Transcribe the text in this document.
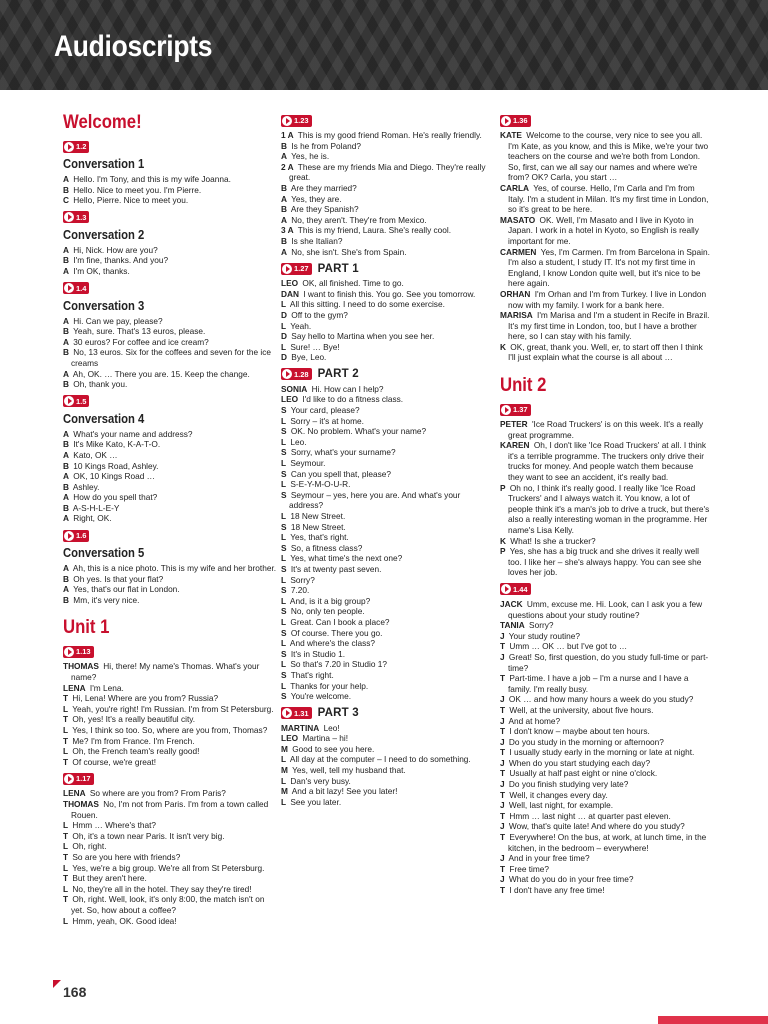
Audioscripts
Welcome!
1.2
Conversation 1
A Hello. I'm Tony, and this is my wife Joanna.
B Hello. Nice to meet you. I'm Pierre.
C Hello, Pierre. Nice to meet you.
1.3
Conversation 2
A Hi, Nick. How are you?
B I'm fine, thanks. And you?
A I'm OK, thanks.
1.4
Conversation 3
A Hi. Can we pay, please?
B Yeah, sure. That's 13 euros, please.
A 30 euros? For coffee and ice cream?
B No, 13 euros. Six for the coffees and seven for the ice creams
A Ah, OK. … There you are. 15. Keep the change.
B Oh, thank you.
1.5
Conversation 4
A What's your name and address?
B It's Mike Kato, K-A-T-O.
A Kato, OK …
B 10 Kings Road, Ashley.
A OK, 10 Kings Road …
B Ashley.
A How do you spell that?
B A-S-H-L-E-Y
A Right, OK.
1.6
Conversation 5
A Ah, this is a nice photo. This is my wife and her brother.
B Oh yes. Is that your flat?
A Yes, that's our flat in London.
B Mm, it's very nice.
Unit 1
1.13
THOMAS Hi, there! My name's Thomas. What's your name?
LENA I'm Lena.
T Hi, Lena! Where are you from? Russia?
L Yeah, you're right! I'm Russian. I'm from St Petersburg.
T Oh, yes! It's a really beautiful city.
L Yes, I think so too. So, where are you from, Thomas?
T Me? I'm from France. I'm French.
L Oh, the French team's really good!
T Of course, we're great!
1.17
LENA So where are you from? From Paris?
THOMAS No, I'm not from Paris. I'm from a town called Rouen.
L Hmm … Where's that?
T Oh, it's a town near Paris. It isn't very big.
L Oh, right.
T So are you here with friends?
L Yes, we're a big group. We're all from St Petersburg.
T But they aren't here.
L No, they're all in the hotel. They say they're tired!
T Oh, right. Well, look, it's only 8:00, the match isn't on yet. So, how about a coffee?
L Hmm, yeah, OK. Good idea!
1.23
1 A This is my good friend Roman. He's really friendly.
B Is he from Poland?
A Yes, he is.
2 A These are my friends Mia and Diego. They're really great.
B Are they married?
A Yes, they are.
B Are they Spanish?
A No, they aren't. They're from Mexico.
3 A This is my friend, Laura. She's really cool.
B Is she Italian?
A No, she isn't. She's from Spain.
1.27 PART 1
LEO OK, all finished. Time to go.
DAN I want to finish this. You go. See you tomorrow.
L All this sitting. I need to do some exercise.
D Off to the gym?
L Yeah.
D Say hello to Martina when you see her.
L Sure! … Bye!
D Bye, Leo.
1.28 PART 2
SONIA Hi. How can I help?
LEO I'd like to do a fitness class.
S Your card, please?
L Sorry – it's at home.
S OK. No problem. What's your name?
L Leo.
S Sorry, what's your surname?
L Seymour.
S Can you spell that, please?
L S-E-Y-M-O-U-R.
S Seymour – yes, here you are. And what's your address?
L 18 New Street.
S 18 New Street.
L Yes, that's right.
S So, a fitness class?
L Yes, what time's the next one?
S It's at twenty past seven.
L Sorry?
S 7.20.
L And, is it a big group?
S No, only ten people.
L Great. Can I book a place?
S Of course. There you go.
L And where's the class?
S It's in Studio 1.
L So that's 7.20 in Studio 1?
S That's right.
L Thanks for your help.
S You're welcome.
1.31 PART 3
MARTINA Leo!
LEO Martina – hi!
M Good to see you here.
L All day at the computer – I need to do something.
M Yes, well, tell my husband that.
L Dan's very busy.
M And a bit lazy! See you later!
L See you later.
1.36
KATE Welcome to the course, very nice to see you all. I'm Kate, as you know, and this is Mike, we're your two teachers on the course and we're both from London. So, first, can we all say our names and where we're from? OK? Carla, you start …
CARLA Yes, of course. Hello, I'm Carla and I'm from Italy. I'm a student in Milan. It's my first time in London, so it's great to be here.
MASATO OK. Well, I'm Masato and I live in Kyoto in Japan. I work in a hotel in Kyoto, so English is really important for me.
CARMEN Yes, I'm Carmen. I'm from Barcelona in Spain. I'm also a student, I study IT. It's not my first time in England, I know London quite well, but it's nice to be here again.
ORHAN I'm Orhan and I'm from Turkey. I live in London now with my family. I work for a bank here.
MARISA I'm Marisa and I'm a student in Recife in Brazil. It's my first time in London, too, but I have a brother here, so I can stay with his family.
K OK, great, thank you. Well, er, to start off then I think I'll just explain what the course is all about …
Unit 2
1.37
PETER 'Ice Road Truckers' is on this week. It's a really great programme.
KAREN Oh, I don't like 'Ice Road Truckers' at all. I think it's a terrible programme. The truckers only drive their trucks for money. And people watch them because they want to see an accident, it's really bad.
P Oh no, I think it's really good. I really like 'Ice Road Truckers' and I always watch it. You know, a lot of people think it's a man's job to drive a truck, but there's also a really interesting woman in the programme. Her name's Lisa Kelly.
K What! Is she a trucker?
P Yes, she has a big truck and she drives it really well too. I like her – she's always happy. You can see she loves her job.
1.44
JACK Umm, excuse me. Hi. Look, can I ask you a few questions about your study routine?
TANIA Sorry?
J Your study routine?
T Umm … OK … but I've got to …
J Great! So, first question, do you study full-time or part-time?
T Part-time. I have a job – I'm a nurse and I have a family. I'm really busy.
J OK … and how many hours a week do you study?
T Well, at the university, about five hours.
J And at home?
T I don't know – maybe about ten hours.
J Do you study in the morning or afternoon?
T I usually study early in the morning or late at night.
J When do you start studying each day?
T Usually at half past eight or nine o'clock.
J Do you finish studying very late?
T Well, it changes every day.
J Well, last night, for example.
T Hmm … last night … at quarter past eleven.
J Wow, that's quite late! And where do you study?
T Everywhere! On the bus, at work, at lunch time, in the kitchen, in the bedroom – everywhere!
J And in your free time?
T Free time?
J What do you do in your free time?
T I don't have any free time!
168
